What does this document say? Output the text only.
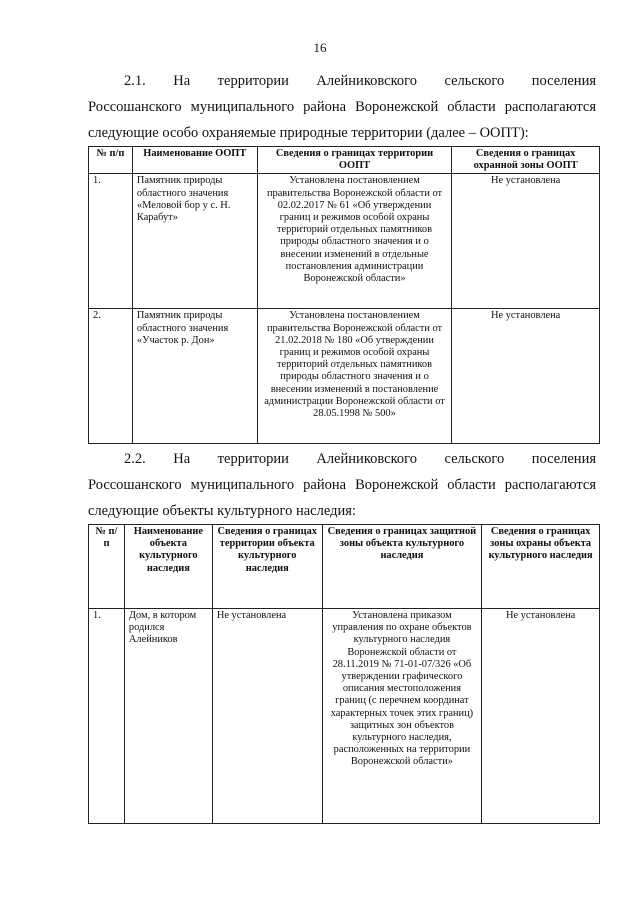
16
2.1. На территории Алейниковского сельского поселения
Россошанского муниципального района Воронежской области располагаются
следующие особо охраняемые природные территории (далее – ООПТ):
№ п/п	Наименование ООПТ	Сведения о границах территории ООПТ	Сведения о границах охранной зоны ООПТ
1.	Памятник природы областного значения «Меловой бор у с. Н. Карабут»	Установлена постановлением правительства Воронежской области от 02.02.2017 № 61 «Об утверждении границ и режимов особой охраны территорий отдельных памятников природы областного значения и о внесении изменений в отдельные постановления администрации Воронежской области»	Не установлена
2.	Памятник природы областного значения «Участок р. Дон»	Установлена постановлением правительства Воронежской области от 21.02.2018 № 180 «Об утверждении границ и режимов особой охраны территорий отдельных памятников природы областного значения и о внесении изменений в постановление администрации Воронежской области от 28.05.1998 № 500»	Не установлена
2.2. На территории Алейниковского сельского поселения
Россошанского муниципального района Воронежской области располагаются
следующие объекты культурного наследия:
№ п/п	Наименование объекта культурного наследия	Сведения о границах территории объекта культурного наследия	Сведения о границах защитной зоны объекта культурного наследия	Сведения о границах зоны охраны объекта культурного наследия
1.	Дом, в котором родился Алейников	Не установлена	Установлена приказом управления по охране объектов культурного наследия Воронежской области от 28.11.2019 № 71-01-07/326 «Об утверждении графического описания местоположения границ (с перечнем координат характерных точек этих границ) защитных зон объектов культурного наследия, расположенных на территории Воронежской области»	Не установлена
